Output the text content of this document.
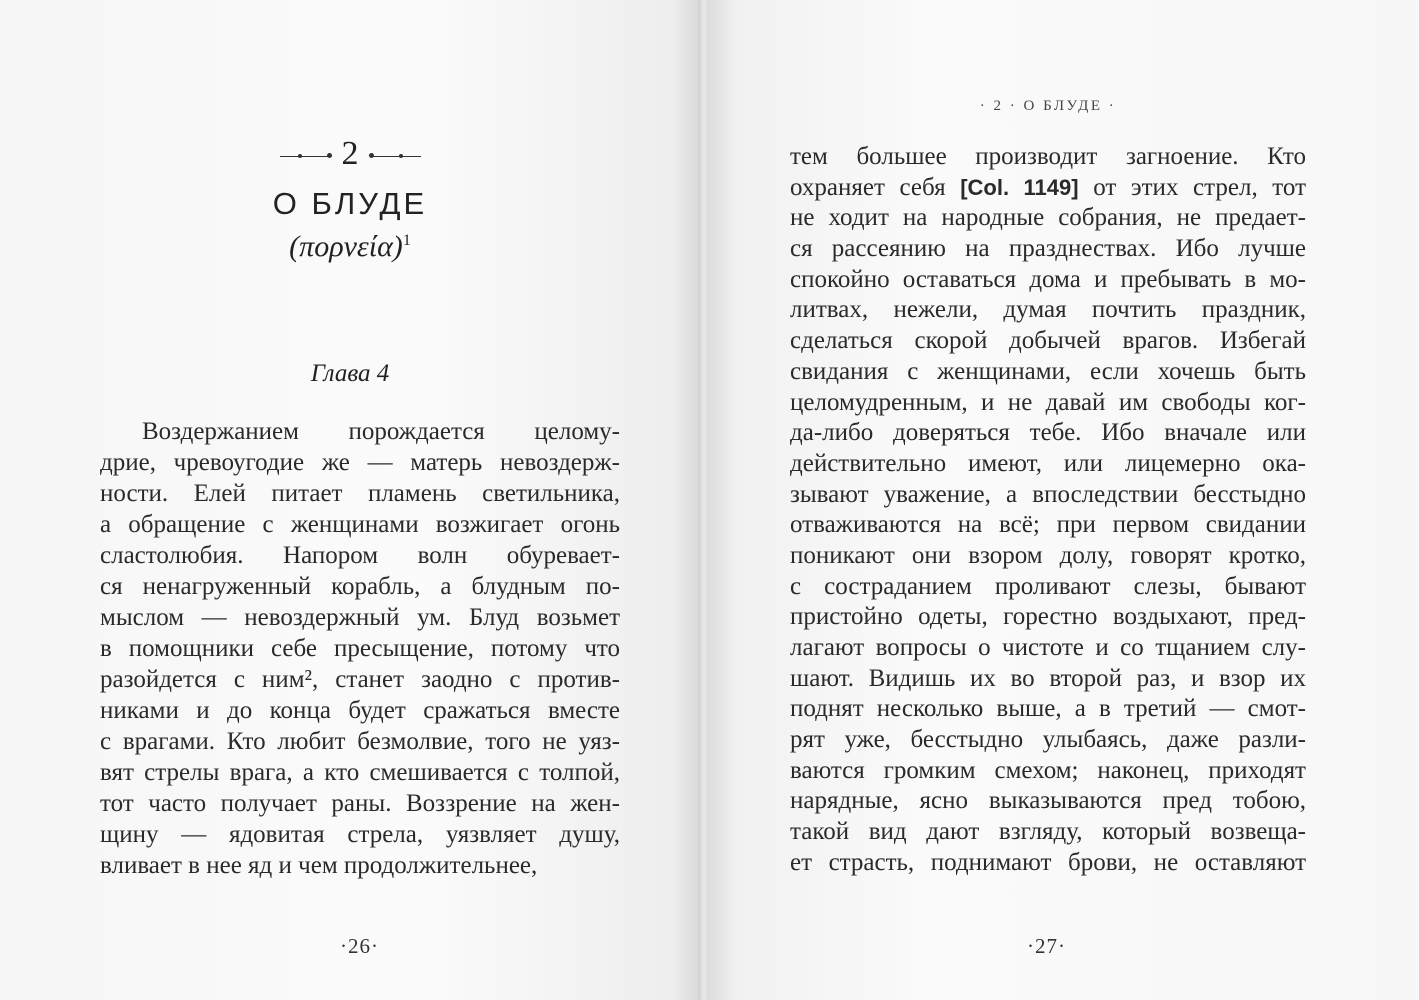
2
О БЛУДЕ
$(\pi o\rho\nu\varepsilon ί\alpha)^1$
Глава 4
Воздержанием порождается целому-
дрие, чревоугодие же — матерь невоздерж-
ности. Елей питает пламень светильника,
а обращение с женщинами возжигает огонь
сластолюбия. Напором волн обуревает-
ся ненагруженный корабль, а блудным по-
мыслом — невоздержный ум. Блуд возьмет
в помощники себе пресыщение, потому что
разойдется с ним², станет заодно с против-
никами и до конца будет сражаться вместе
с врагами. Кто любит безмолвие, того не уяз-
вят стрелы врага, а кто смешивается с толпой,
тот часто получает раны. Воззрение на жен-
щину — ядовитая стрела, уязвляет душу,
вливает в нее яд и чем продолжительнее,
·26·
· 2 · О БЛУДЕ ·
тем большее производит загноение. Кто
охраняет себя [Col. 1149] от этих стрел, тот
не ходит на народные собрания, не предает-
ся рассеянию на празднествах. Ибо лучше
спокойно оставаться дома и пребывать в мо-
литвах, нежели, думая почтить праздник,
сделаться скорой добычей врагов. Избегай
свидания с женщинами, если хочешь быть
целомудренным, и не давай им свободы ког-
да-либо доверяться тебе. Ибо вначале или
действительно имеют, или лицемерно ока-
зывают уважение, а впоследствии бесстыдно
отваживаются на всё; при первом свидании
поникают они взором долу, говорят кротко,
с состраданием проливают слезы, бывают
пристойно одеты, горестно воздыхают, пред-
лагают вопросы о чистоте и со тщанием слу-
шают. Видишь их во второй раз, и взор их
поднят несколько выше, а в третий — смот-
рят уже, бесстыдно улыбаясь, даже разли-
ваются громким смехом; наконец, приходят
нарядные, ясно выказываются пред тобою,
такой вид дают взгляду, который возвеща-
ет страсть, поднимают брови, не оставляют
·27·
